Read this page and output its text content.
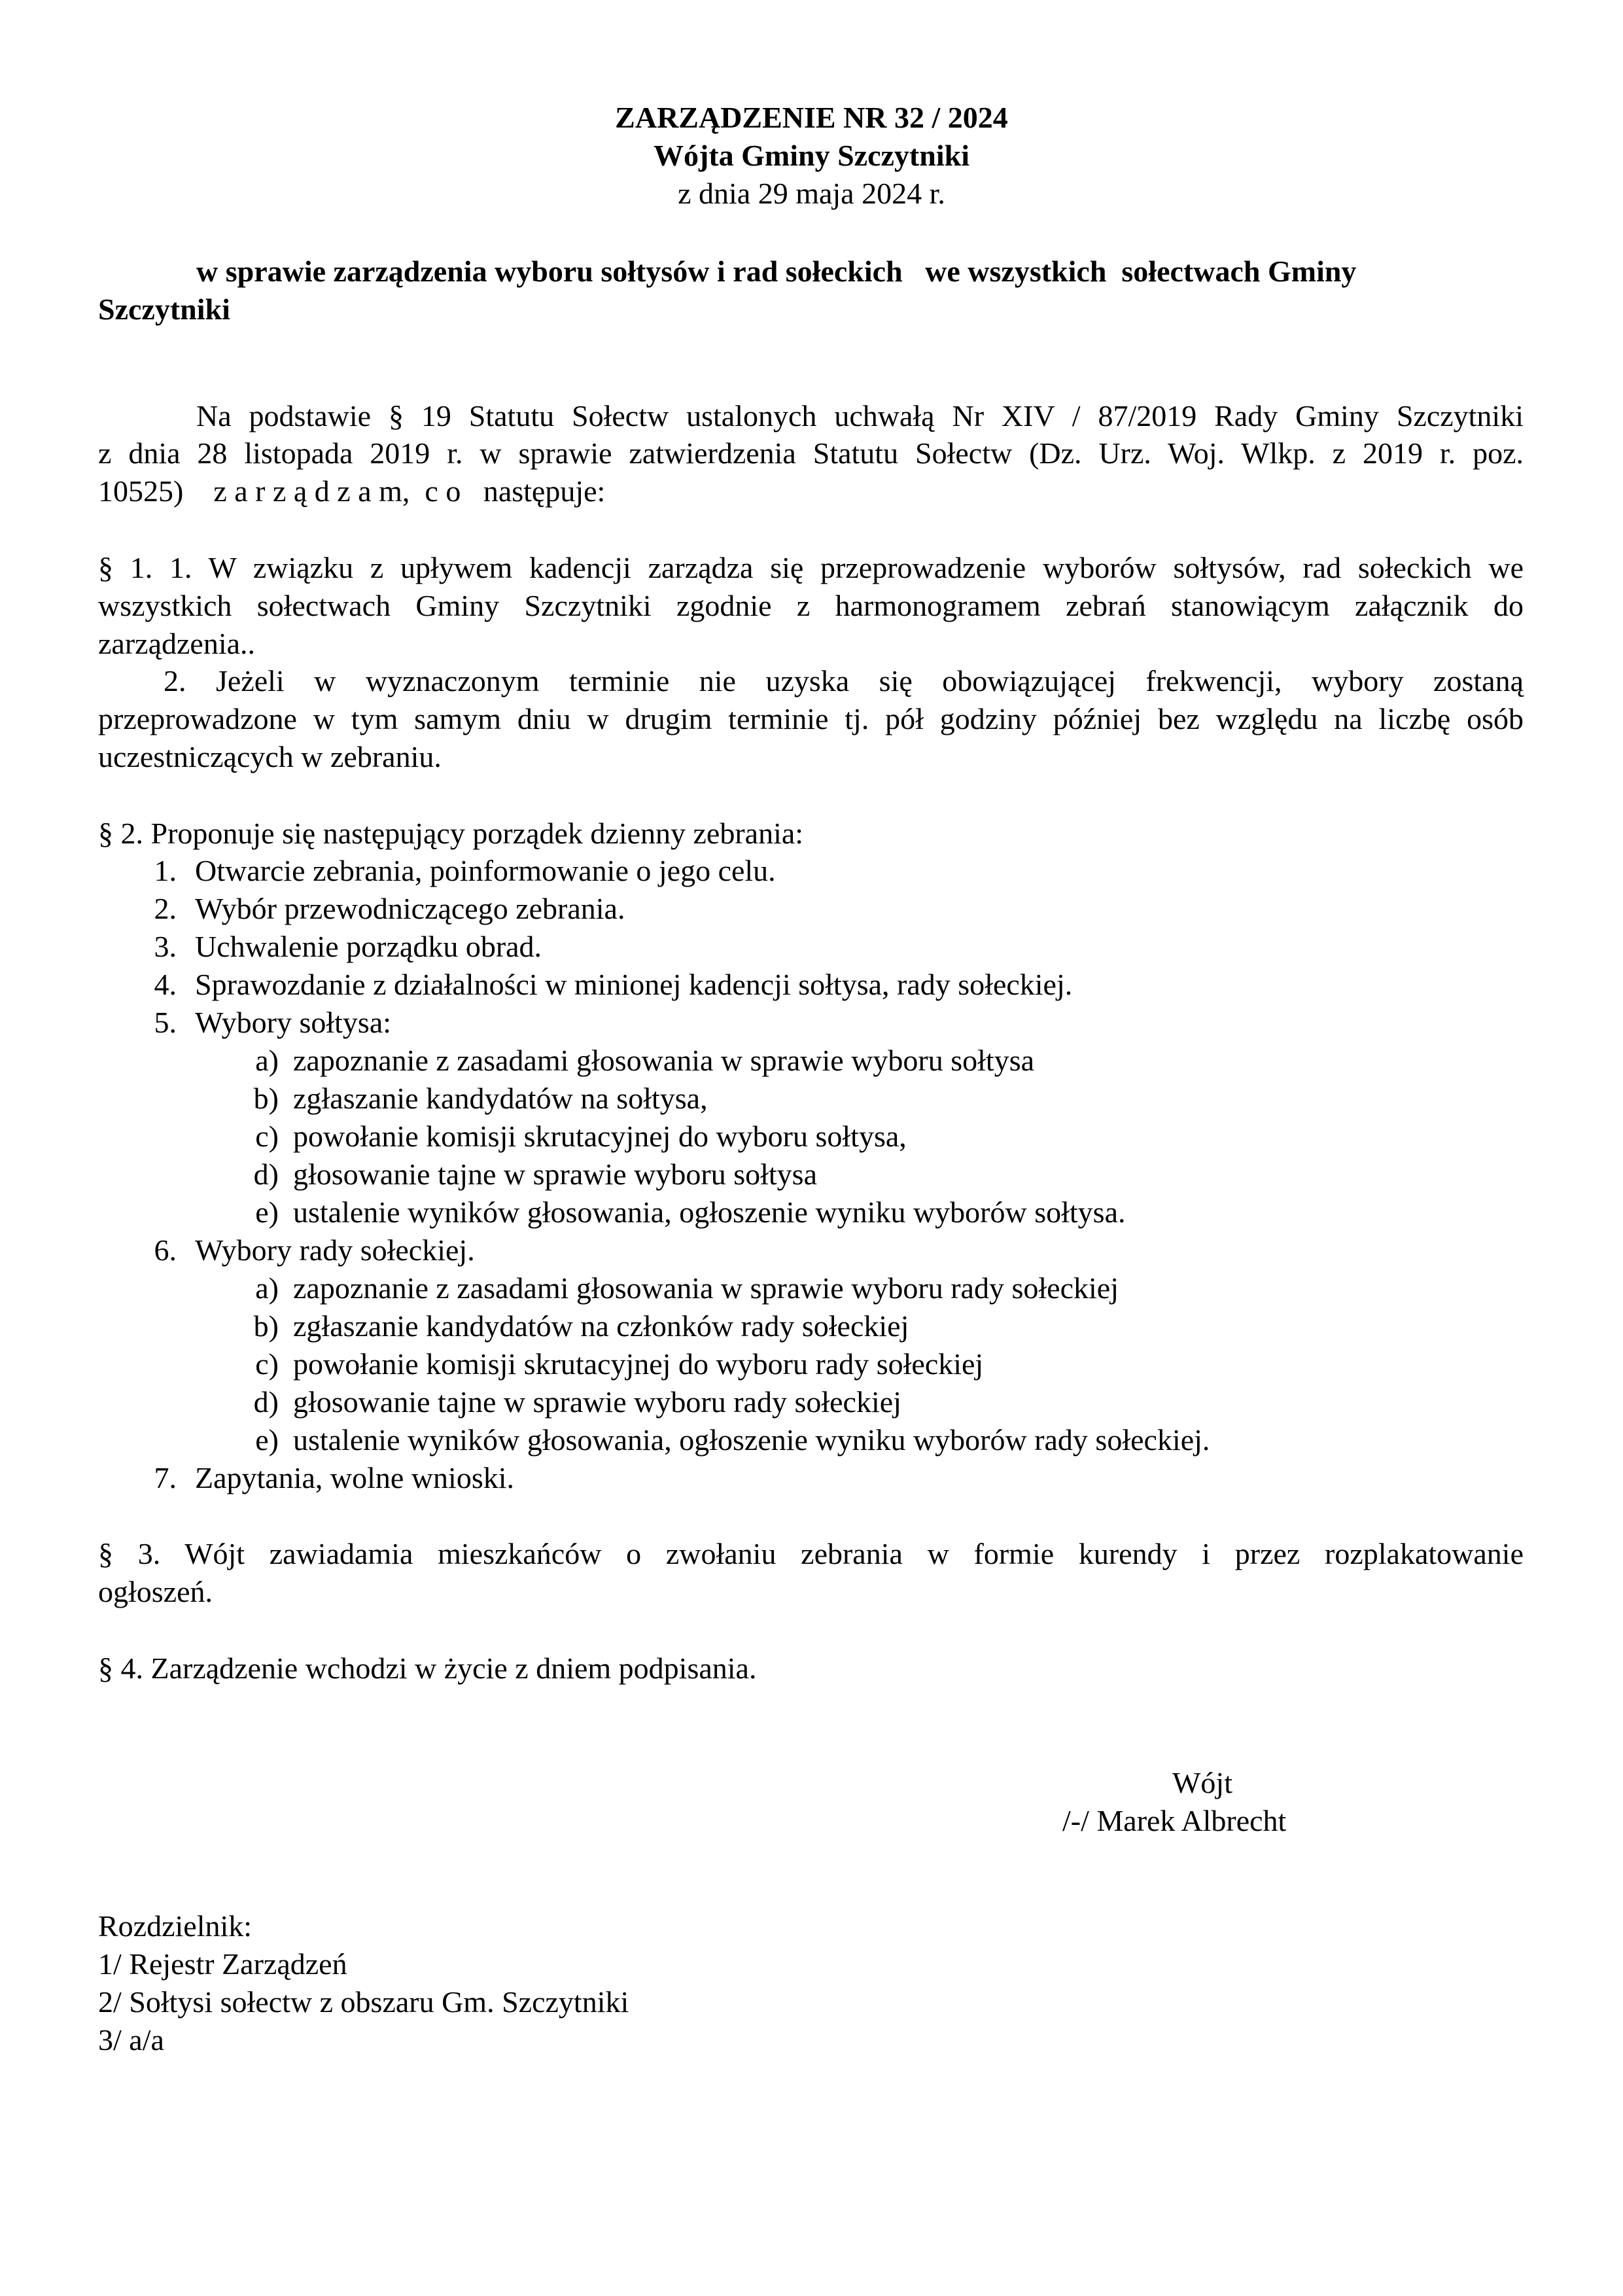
ZARZĄDZENIE NR 32 / 2024
Wójta Gminy Szczytniki
z dnia 29 maja 2024 r.
w sprawie zarządzenia wyboru sołtysów i rad sołeckich   we wszystkich  sołectwach Gminy
Szczytniki
Na podstawie § 19 Statutu Sołectw ustalonych uchwałą Nr XIV / 87/2019 Rady Gminy Szczytniki
z dnia 28 listopada 2019 r. w sprawie zatwierdzenia Statutu Sołectw (Dz. Urz. Woj. Wlkp. z 2019 r. poz.
10525)    z a r z ą d z a m,  c o   następuje:
§ 1. 1. W związku z upływem kadencji zarządza się przeprowadzenie wyborów sołtysów, rad sołeckich we
wszystkich sołectwach Gminy Szczytniki zgodnie z harmonogramem zebrań stanowiącym załącznik do
zarządzenia..
2. Jeżeli w wyznaczonym terminie nie uzyska się obowiązującej frekwencji, wybory zostaną
przeprowadzone w tym samym dniu w drugim terminie tj. pół godziny później bez względu na liczbę osób
uczestniczących w zebraniu.
§ 2. Proponuje się następujący porządek dzienny zebrania:
1. Otwarcie zebrania, poinformowanie o jego celu.
2. Wybór przewodniczącego zebrania.
3. Uchwalenie porządku obrad.
4. Sprawozdanie z działalności w minionej kadencji sołtysa, rady sołeckiej.
5. Wybory sołtysa:
a) zapoznanie z zasadami głosowania w sprawie wyboru sołtysa
b) zgłaszanie kandydatów na sołtysa,
c) powołanie komisji skrutacyjnej do wyboru sołtysa,
d) głosowanie tajne w sprawie wyboru sołtysa
e) ustalenie wyników głosowania, ogłoszenie wyniku wyborów sołtysa.
6. Wybory rady sołeckiej.
a) zapoznanie z zasadami głosowania w sprawie wyboru rady sołeckiej
b) zgłaszanie kandydatów na członków rady sołeckiej
c) powołanie komisji skrutacyjnej do wyboru rady sołeckiej
d) głosowanie tajne w sprawie wyboru rady sołeckiej
e) ustalenie wyników głosowania, ogłoszenie wyniku wyborów rady sołeckiej.
7. Zapytania, wolne wnioski.
§ 3. Wójt zawiadamia mieszkańców o zwołaniu zebrania w formie kurendy i przez rozplakatowanie
ogłoszeń.
§ 4. Zarządzenie wchodzi w życie z dniem podpisania.
Wójt
/-/ Marek Albrecht
Rozdzielnik:
1/ Rejestr Zarządzeń
2/ Sołtysi sołectw z obszaru Gm. Szczytniki
3/ a/a
